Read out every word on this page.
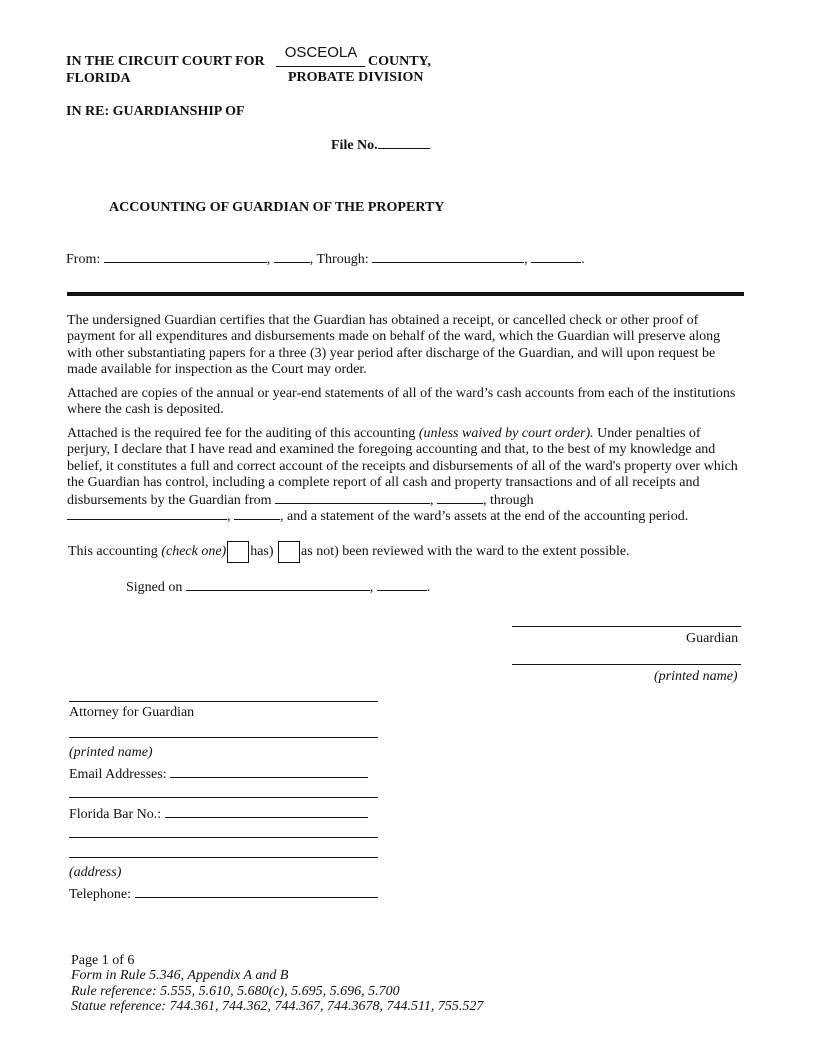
IN THE CIRCUIT COURT FOR
OSCEOLA
COUNTY,
FLORIDA	PROBATE DIVISION
IN RE: GUARDIANSHIP OF
File No.
ACCOUNTING OF GUARDIAN OF THE PROPERTY
From:	,	, Through:	,	.
The undersigned Guardian certifies that the Guardian has obtained a receipt, or cancelled check or other proof of payment for all expenditures and disbursements made on behalf of the ward, which the Guardian will preserve along with other substantiating papers for a three (3) year period after discharge of the Guardian, and will upon request be made available for inspection as the Court may order.
Attached are copies of the annual or year-end statements of all of the ward’s cash accounts from each of the institutions where the cash is deposited.
Attached is the required fee for the auditing of this accounting (unless waived by court order). Under penalties of perjury, I declare that I have read and examined the foregoing accounting and that, to the best of my knowledge and belief, it constitutes a full and correct account of the receipts and disbursements of all of the ward's property over which the Guardian has control, including a complete report of all cash and property transactions and of all receipts and disbursements by the Guardian from	,	, through
,	, and a statement of the ward’s assets at the end of the accounting period.
This accounting (check one) has) as not) been reviewed with the ward to the extent possible.
Signed on	,	.
Guardian
(printed name)
Attorney for Guardian
(printed name)
Email Addresses:
Florida Bar No.:
(address)
Telephone:
Page 1 of 6
Form in Rule 5.346, Appendix A and B
Rule reference: 5.555, 5.610, 5.680(c), 5.695, 5.696, 5.700
Statue reference: 744.361, 744.362, 744.367, 744.3678, 744.511, 755.527
